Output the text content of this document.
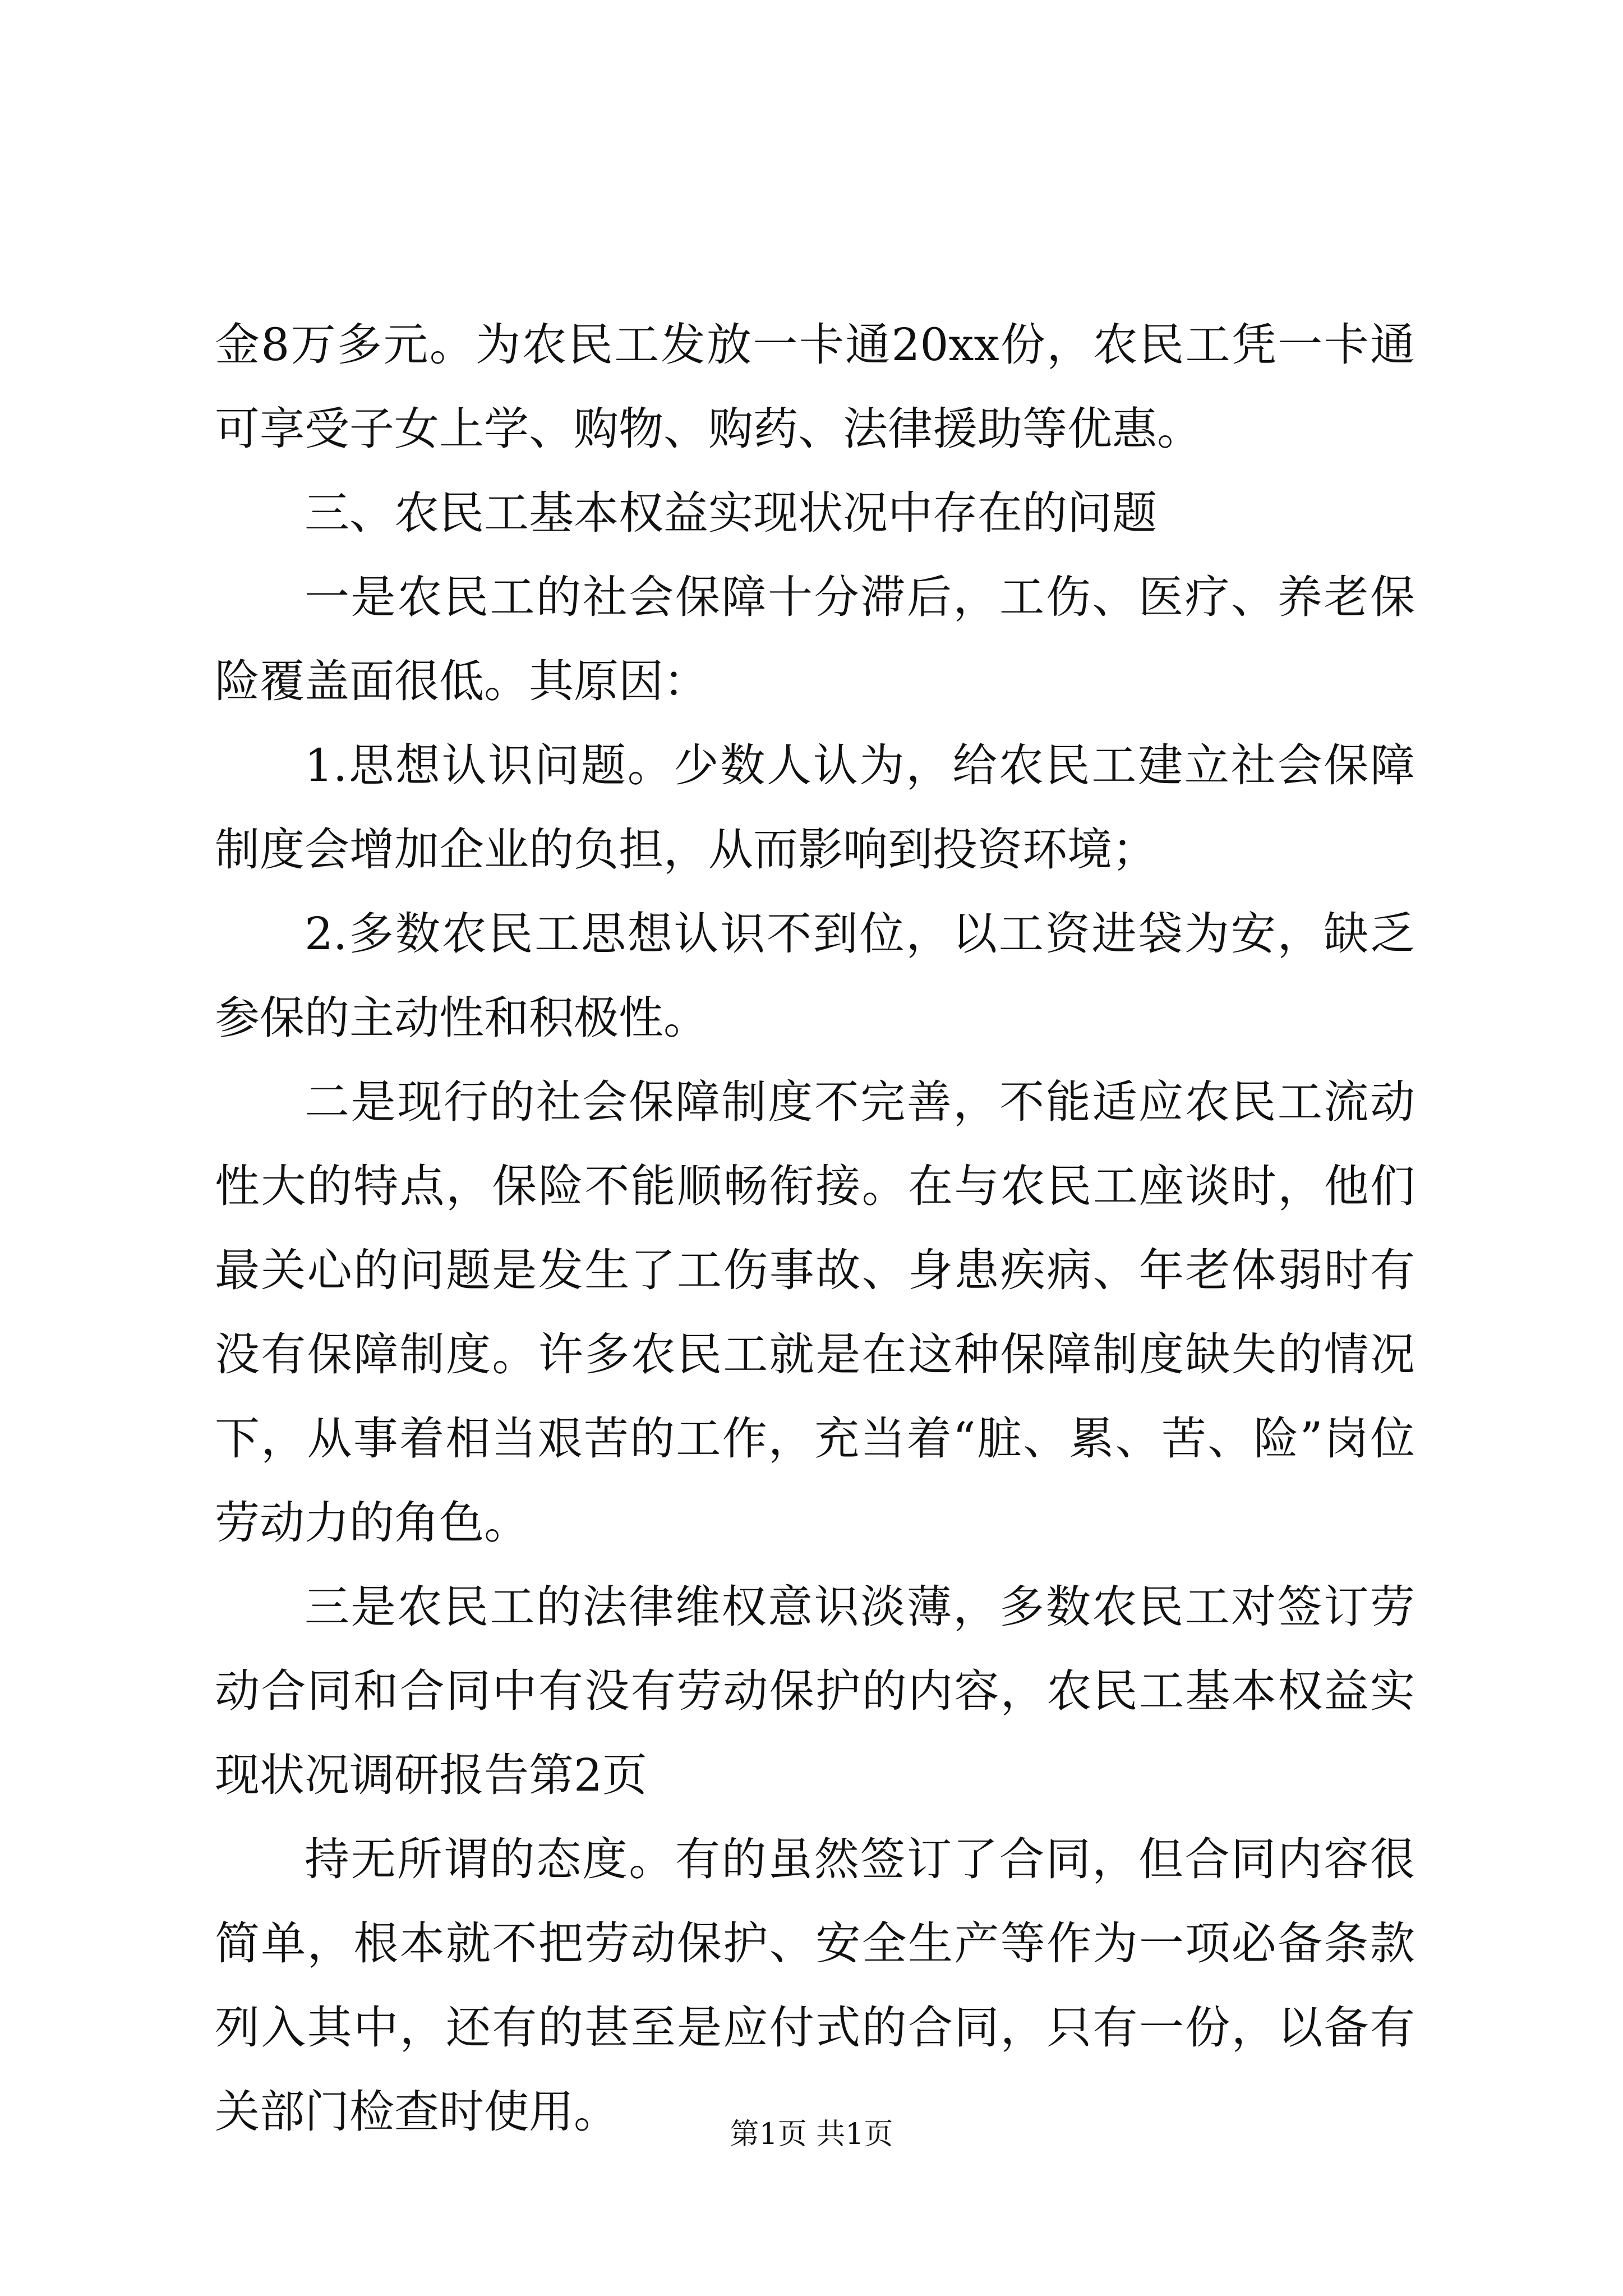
金8万多元。为农民工发放一卡通20xx份，农民工凭一卡通可享受子女上学、购物、购药、法律援助等优惠。

三、农民工基本权益实现状况中存在的问题

一是农民工的社会保障十分滞后，工伤、医疗、养老保险覆盖面很低。其原因：

1.思想认识问题。少数人认为，给农民工建立社会保障制度会增加企业的负担，从而影响到投资环境；

2.多数农民工思想认识不到位，以工资进袋为安，缺乏参保的主动性和积极性。

二是现行的社会保障制度不完善，不能适应农民工流动性大的特点，保险不能顺畅衔接。在与农民工座谈时，他们最关心的问题是发生了工伤事故、身患疾病、年老体弱时有没有保障制度。许多农民工就是在这种保障制度缺失的情况下，从事着相当艰苦的工作，充当着“脏、累、苦、险”岗位劳动力的角色。

三是农民工的法律维权意识淡薄，多数农民工对签订劳动合同和合同中有没有劳动保护的内容，农民工基本权益实现状况调研报告第2页

持无所谓的态度。有的虽然签订了合同，但合同内容很简单，根本就不把劳动保护、安全生产等作为一项必备条款列入其中，还有的甚至是应付式的合同，只有一份，以备有关部门检查时使用。	第1页 共1页
